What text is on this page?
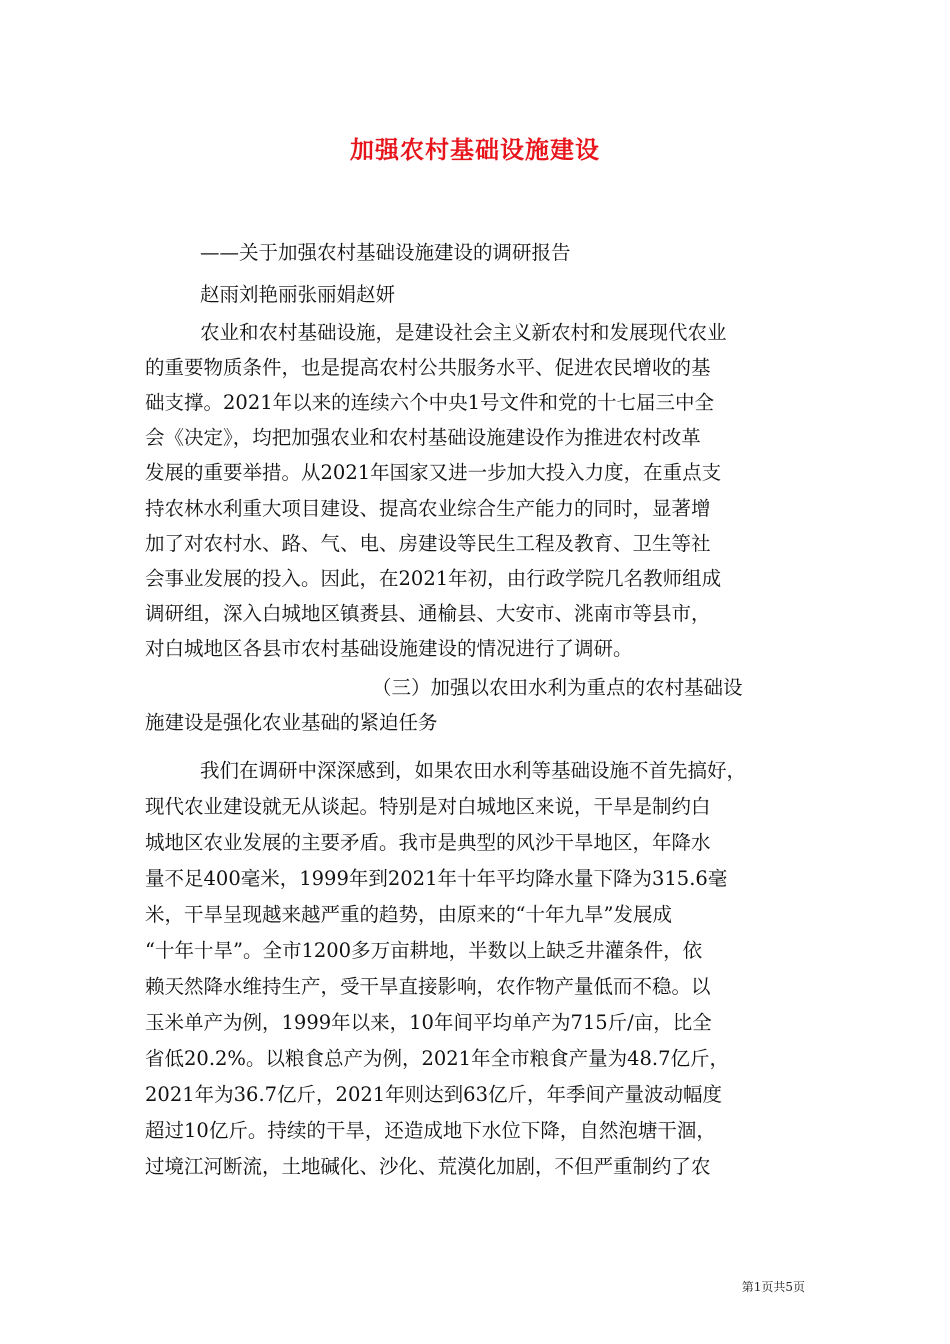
加强农村基础设施建设
——关于加强农村基础设施建设的调研报告
赵雨刘艳丽张丽娟赵妍
农业和农村基础设施，是建设社会主义新农村和发展现代农业
的重要物质条件，也是提高农村公共服务水平、促进农民增收的基
础支撑。2021年以来的连续六个中央1号文件和党的十七届三中全
会《决定》，均把加强农业和农村基础设施建设作为推进农村改革
发展的重要举措。从2021年国家又进一步加大投入力度，在重点支
持农林水利重大项目建设、提高农业综合生产能力的同时，显著增
加了对农村水、路、气、电、房建设等民生工程及教育、卫生等社
会事业发展的投入。因此，在2021年初，由行政学院几名教师组成
调研组，深入白城地区镇赉县、通榆县、大安市、洮南市等县市，
对白城地区各县市农村基础设施建设的情况进行了调研。
（三）加强以农田水利为重点的农村基础设
施建设是强化农业基础的紧迫任务
我们在调研中深深感到，如果农田水利等基础设施不首先搞好，
现代农业建设就无从谈起。特别是对白城地区来说，干旱是制约白
城地区农业发展的主要矛盾。我市是典型的风沙干旱地区，年降水
量不足400毫米，1999年到2021年十年平均降水量下降为315.6毫
米，干旱呈现越来越严重的趋势，由原来的“十年九旱”发展成
“十年十旱”。全市1200多万亩耕地，半数以上缺乏井灌条件，依
赖天然降水维持生产，受干旱直接影响，农作物产量低而不稳。以
玉米单产为例，1999年以来，10年间平均单产为715斤/亩，比全
省低20.2%。以粮食总产为例，2021年全市粮食产量为48.7亿斤，
2021年为36.7亿斤，2021年则达到63亿斤，年季间产量波动幅度
超过10亿斤。持续的干旱，还造成地下水位下降，自然泡塘干涸，
过境江河断流，土地碱化、沙化、荒漠化加剧，不但严重制约了农
第1页共5页
